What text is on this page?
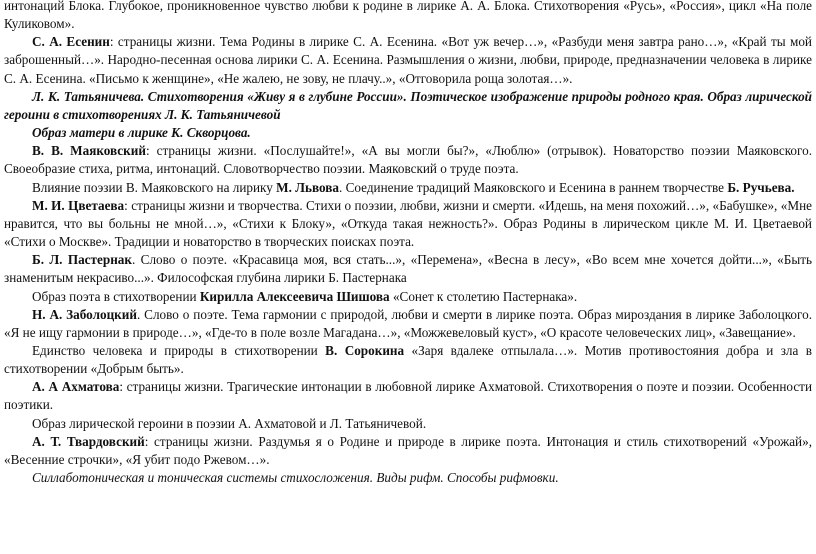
интонаций Блока. Глубокое, проникновенное чувство любви к родине в лирике А. А. Блока. Стихотворения «Русь», «Россия», цикл «На поле Куликовом».

С. А. Есенин: страницы жизни. Тема Родины в лирике С. А. Есенина. «Вот уж вечер…», «Разбуди меня завтра рано…», «Край ты мой заброшенный…». Народно-песенная основа лирики С. А. Есенина. Размышления о жизни, любви, природе, предназначении человека в лирике С. А. Есенина. «Письмо к женщине», «Не жалею, не зову, не плачу..», «Отговорила роща золотая…».

Л. К. Татьяничева. Стихотворения «Живу я в глубине России». Поэтическое изображение природы родного края. Образ лирической героини в стихотворениях Л. К. Татьяничевой

Образ матери в лирике К. Скворцова.

В. В. Маяковский: страницы жизни. «Послушайте!», «А вы могли бы?», «Люблю» (отрывок). Новаторство поэзии Маяковского. Своеобразие стиха, ритма, интонаций. Словотворчество поэзии. Маяковский о труде поэта.

Влияние поэзии В. Маяковского на лирику М. Львова. Соединение традиций Маяковского и Есенина в раннем творчестве Б. Ручьева.

М. И. Цветаева: страницы жизни и творчества. Стихи о поэзии, любви, жизни и смерти. «Идешь, на меня похожий…», «Бабушке», «Мне нравится, что вы больны не мной…», «Стихи к Блоку», «Откуда такая нежность?». Образ Родины в лирическом цикле М. И. Цветаевой «Стихи о Москве». Традиции и новаторство в творческих поисках поэта.

Б. Л. Пастернак. Слово о поэте. «Красавица моя, вся стать...», «Перемена», «Весна в лесу», «Во всем мне хочется дойти...», «Быть знаменитым некрасиво...». Философская глубина лирики Б. Пастернака

Образ поэта в стихотворении Кирилла Алексеевича Шишова «Сонет к столетию Пастернака».

Н. А. Заболоцкий. Слово о поэте. Тема гармонии с природой, любви и смерти в лирике поэта. Образ мироздания в лирике Заболоцкого. «Я не ищу гармонии в природе…», «Где-то в поле возле Магадана…», «Можжевеловый куст», «О красоте человеческих лиц», «Завещание».

Единство человека и природы в стихотворении В. Сорокина «Заря вдалеке отпылала…». Мотив противостояния добра и зла в стихотворении «Добрым быть».

А. А Ахматова: страницы жизни. Трагические интонации в любовной лирике Ахматовой. Стихотворения о поэте и поэзии. Особенности поэтики.

Образ лирической героини в поэзии А. Ахматовой и Л. Татьяничевой.

А. Т. Твардовский: страницы жизни. Раздумья я о Родине и природе в лирике поэта. Интонация и стиль стихотворений «Урожай», «Весенние строчки», «Я убит подо Ржевом…».

Силлаботоническая и тоническая системы стихосложения. Виды рифм. Способы рифмовки.
